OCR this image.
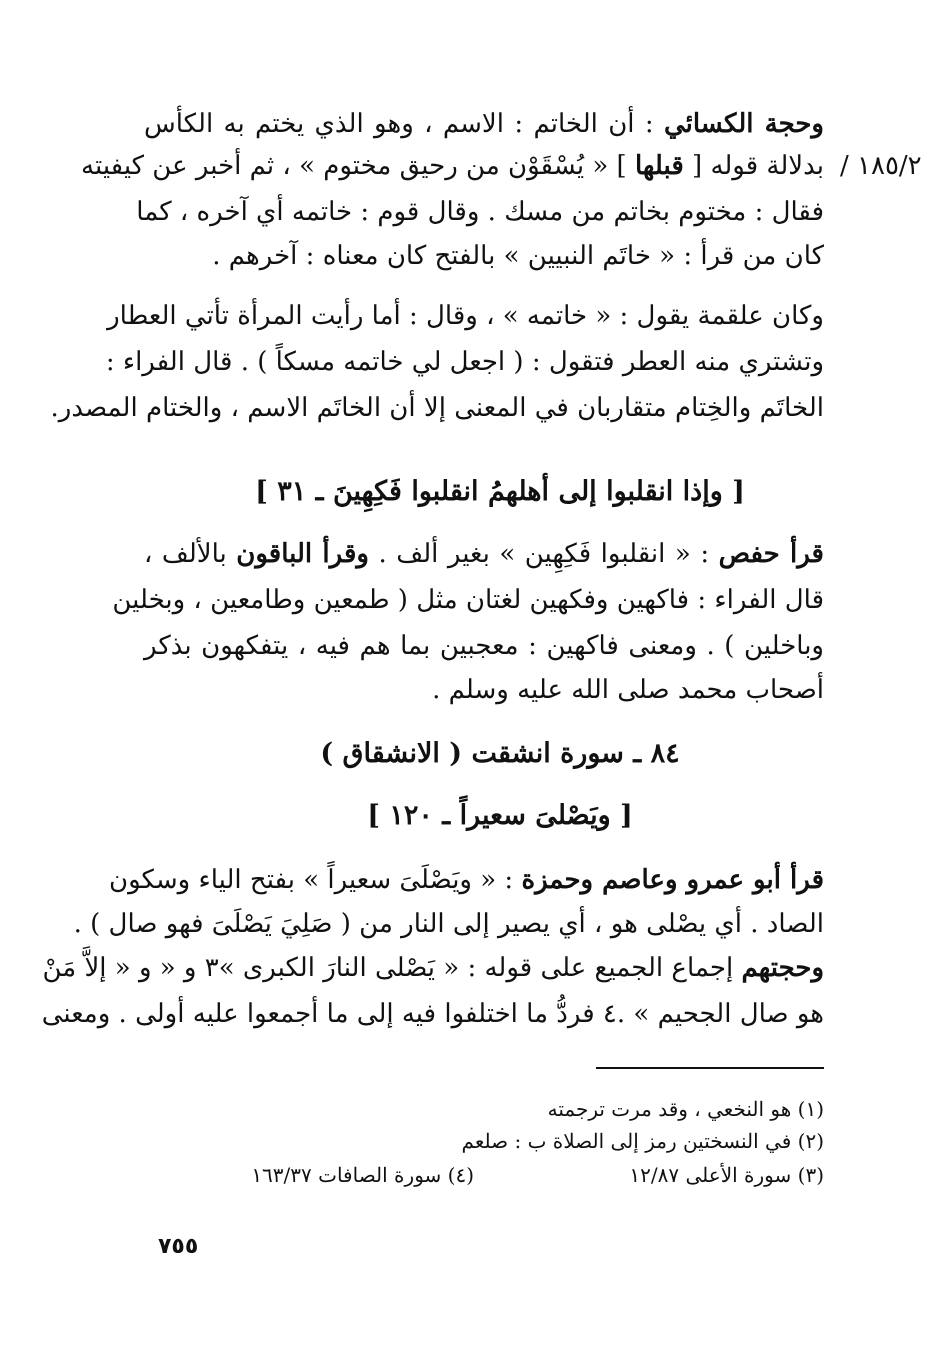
وحجة الكسائي : أن الخاتم : الاسم ، وهو الذي يختم به الكأس
١٨٥/٢ /
بدلالة قوله [ قبلها ] « يُسْقَوْن من رحيق مختوم » ، ثم أخبر عن كيفيته
فقال : مختوم بخاتم من مسك . وقال قوم : خاتمه أي آخره ، كما
كان من قرأ : « خاتَم النبيين » بالفتح كان معناه : آخرهم .
وكان علقمة يقول : « خاتمه » ، وقال : أما رأيت المرأة تأتي العطار
وتشتري منه العطر فتقول : ( اجعل لي خاتمه مسكاً ) . قال الفراء :
الخاتَم والخِتام متقاربان في المعنى إلا أن الخاتَم الاسم ، والختام المصدر.
[ وإذا انقلبوا إلى أهلهمُ انقلبوا فَكِهِينَ ـ ٣١ ]
قرأ حفص : « انقلبوا فَكِهِين » بغير ألف . وقرأ الباقون بالألف ،
قال الفراء : فاكهين وفكهين لغتان مثل ( طمعين وطامعين ، وبخلين
وباخلين ) . ومعنى فاكهين : معجبين بما هم فيه ، يتفكهون بذكر
أصحاب محمد صلى الله عليه وسلم .
٨٤ ـ سورة انشقت ( الانشقاق )
[ ويَصْلىَ سعيراً ـ ١٢٠ ]
قرأ أبو عمرو وعاصم وحمزة : « ويَصْلَىَ سعيراً » بفتح الياء وسكون
الصاد . أي يصْلى هو ، أي يصير إلى النار من ( صَلِيَ يَصْلَىَ فهو صال ) .
وحجتهم إجماع الجميع على قوله : « يَصْلى النارَ الكبرى »٣ و « و « إلاَّ مَنْ
هو صال الجحيم » .٤ فردُّ ما اختلفوا فيه إلى ما أجمعوا عليه أولى . ومعنى
(١) هو النخعي ، وقد مرت ترجمته
(٢) في النسختين رمز إلى الصلاة ب : صلعم
(٣) سورة الأعلى ١٢/٨٧
(٤) سورة الصافات ١٦٣/٣٧
٧٥٥
